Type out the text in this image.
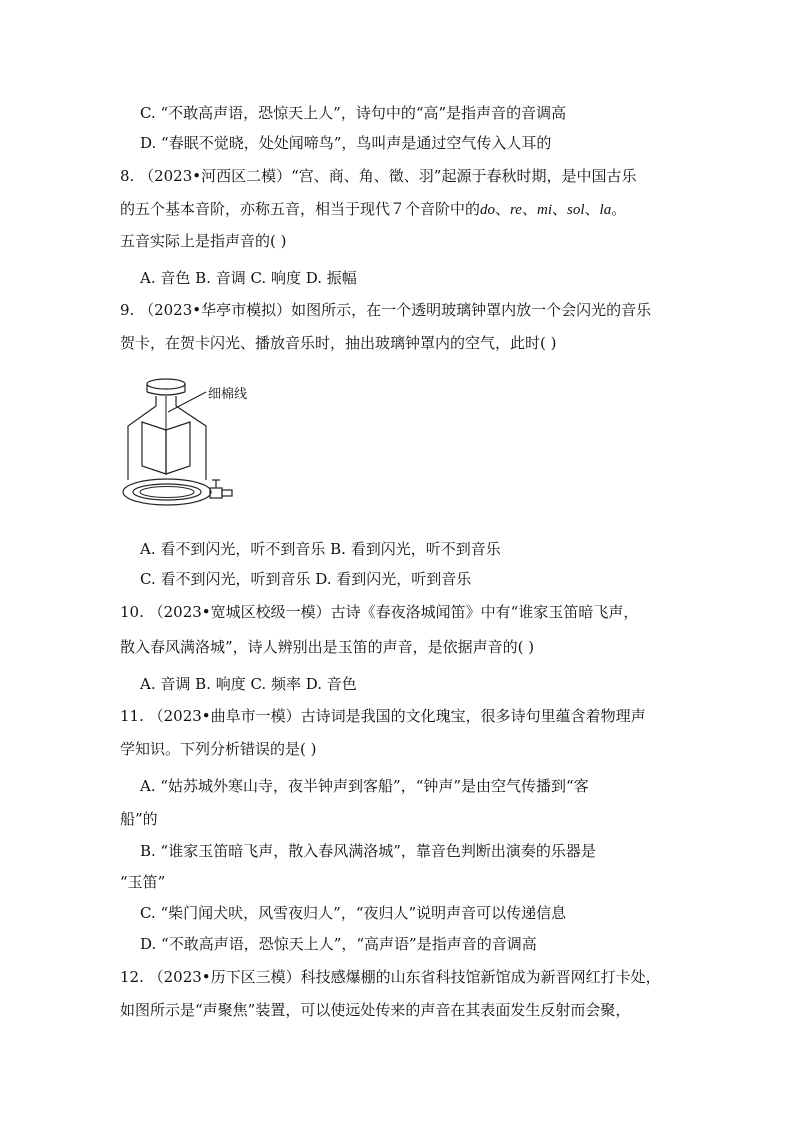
C. “不敢高声语，恐惊天上人”，诗句中的“高”是指声音的音调高
D. “春眠不觉晓，处处闻啼鸟”，鸟叫声是通过空气传入人耳的
8. （2023•河西区二模）“宫、商、角、徵、羽”起源于春秋时期，是中国古乐
的五个基本音阶，亦称五音，相当于现代７个音阶中的do、re、mi、sol、la。
五音实际上是指声音的( )
A. 音色 B. 音调 C. 响度 D. 振幅
9. （2023•华亭市模拟）如图所示，在一个透明玻璃钟罩内放一个会闪光的音乐
贺卡，在贺卡闪光、播放音乐时，抽出玻璃钟罩内的空气，此时( )
细棉线
A. 看不到闪光，听不到音乐 B. 看到闪光，听不到音乐
C. 看不到闪光，听到音乐 D. 看到闪光，听到音乐
10. （2023•宽城区校级一模）古诗《春夜洛城闻笛》中有“谁家玉笛暗飞声，
散入春风满洛城”，诗人辨别出是玉笛的声音，是依据声音的( )
A. 音调 B. 响度 C. 频率 D. 音色
11. （2023•曲阜市一模）古诗词是我国的文化瑰宝，很多诗句里蕴含着物理声
学知识。下列分析错误的是( )
A. “姑苏城外寒山寺，夜半钟声到客船”，“钟声”是由空气传播到“客
船”的
B. “谁家玉笛暗飞声，散入春风满洛城”，靠音色判断出演奏的乐器是
“玉笛”
C. “柴门闻犬吠，风雪夜归人”，“夜归人”说明声音可以传递信息
D. “不敢高声语，恐惊天上人”，“高声语”是指声音的音调高
12. （2023•历下区三模）科技感爆棚的山东省科技馆新馆成为新晋网红打卡处，
如图所示是“声聚焦”装置，可以使远处传来的声音在其表面发生反射而会聚，
